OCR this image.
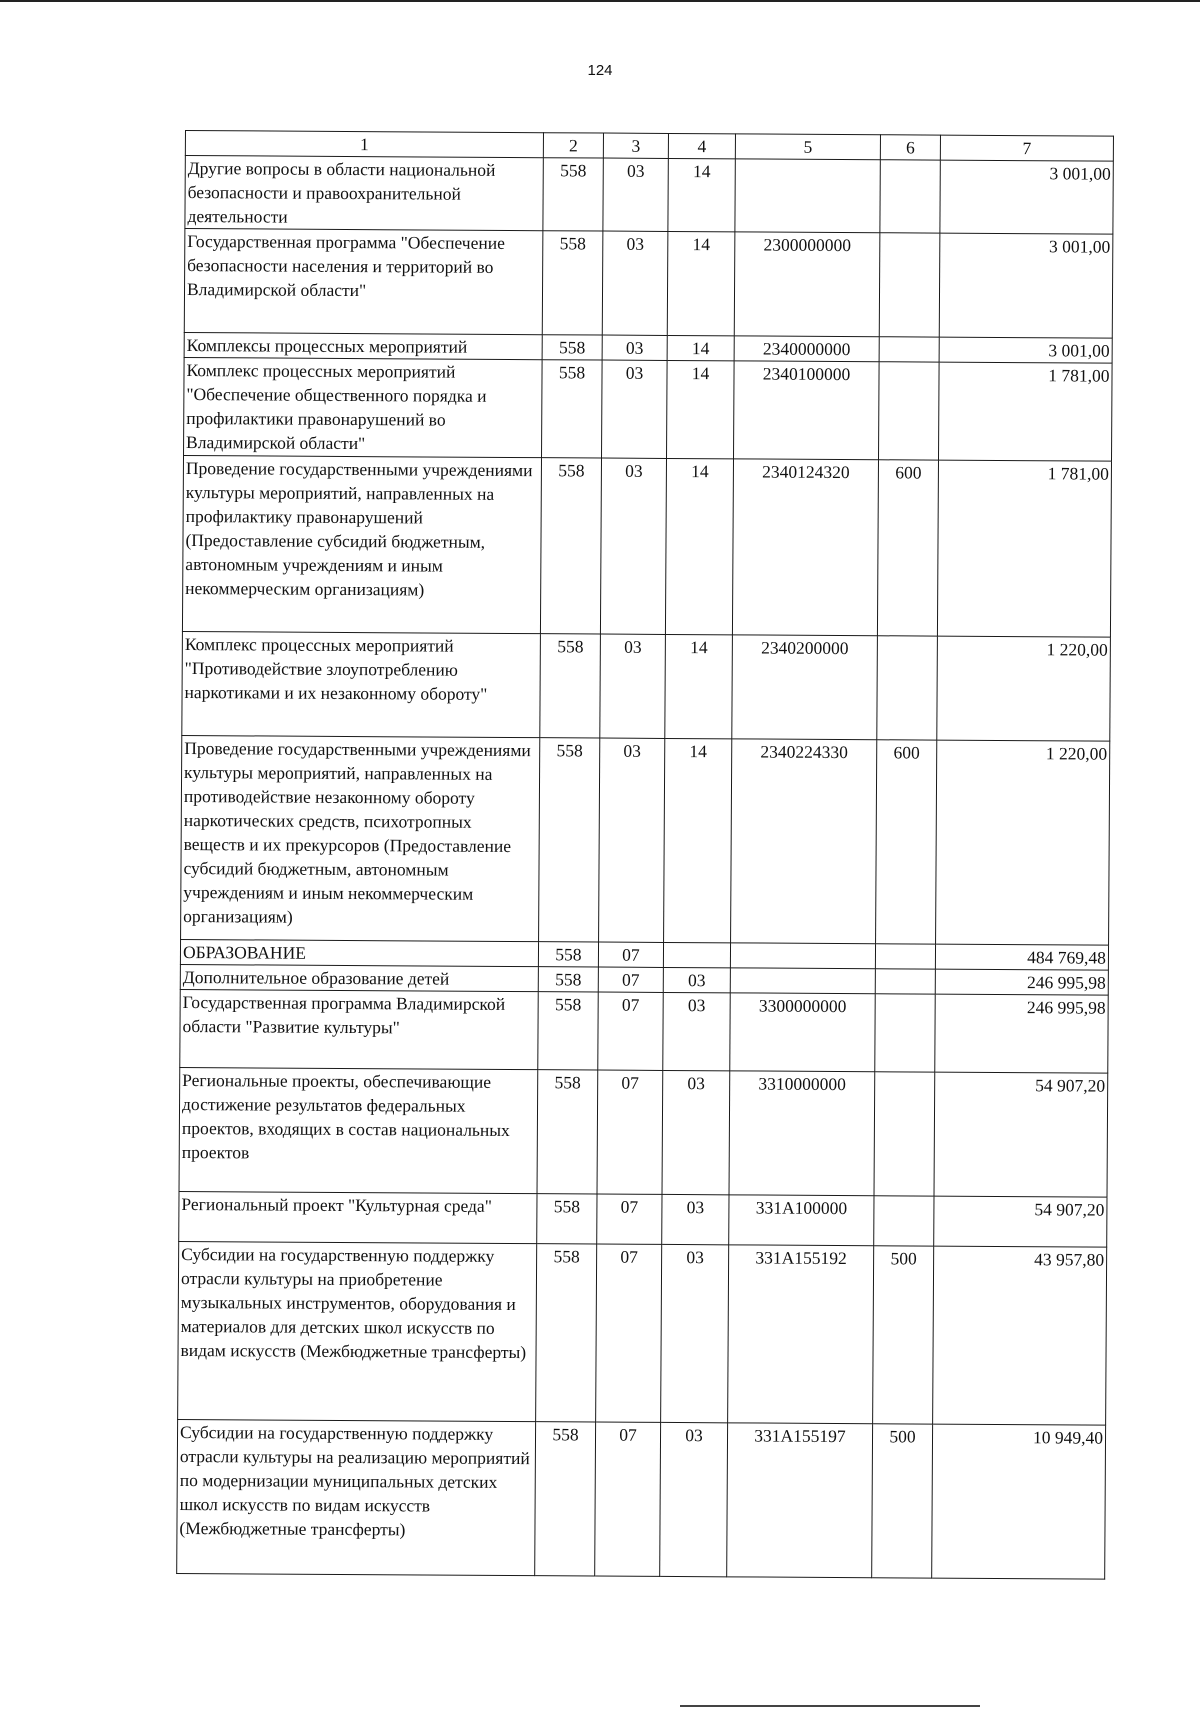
124
1	2	3	4	5	6	7
Другие вопросы в области национальной безопасности и правоохранительной деятельности	558	03	14			3 001,00
Государственная программа "Обеспечение безопасности населения и территорий во Владимирской области"	558	03	14	2300000000		3 001,00
Комплексы процессных мероприятий	558	03	14	2340000000		3 001,00
Комплекс процессных мероприятий "Обеспечение общественного порядка и профилактики правонарушений во Владимирской области"	558	03	14	2340100000		1 781,00
Проведение государственными учреждениями культуры мероприятий, направленных на профилактику правонарушений (Предоставление субсидий бюджетным, автономным учреждениям и иным некоммерческим организациям)	558	03	14	2340124320	600	1 781,00
Комплекс процессных мероприятий "Противодействие злоупотреблению наркотиками и их незаконному обороту"	558	03	14	2340200000		1 220,00
Проведение государственными учреждениями культуры мероприятий, направленных на противодействие незаконному обороту наркотических средств, психотропных веществ и их прекурсоров (Предоставление субсидий бюджетным, автономным учреждениям и иным некоммерческим организациям)	558	03	14	2340224330	600	1 220,00
ОБРАЗОВАНИЕ	558	07				484 769,48
Дополнительное образование детей	558	07	03			246 995,98
Государственная программа Владимирской области "Развитие культуры"	558	07	03	3300000000		246 995,98
Региональные проекты, обеспечивающие достижение результатов федеральных проектов, входящих в состав национальных проектов	558	07	03	3310000000		54 907,20
Региональный проект "Культурная среда"	558	07	03	331A100000		54 907,20
Субсидии на государственную поддержку отрасли культуры на приобретение музыкальных инструментов, оборудования и материалов для детских школ искусств по видам искусств (Межбюджетные трансферты)	558	07	03	331A155192	500	43 957,80
Субсидии на государственную поддержку отрасли культуры на реализацию мероприятий по модернизации муниципальных детских школ искусств по видам искусств (Межбюджетные трансферты)	558	07	03	331A155197	500	10 949,40
